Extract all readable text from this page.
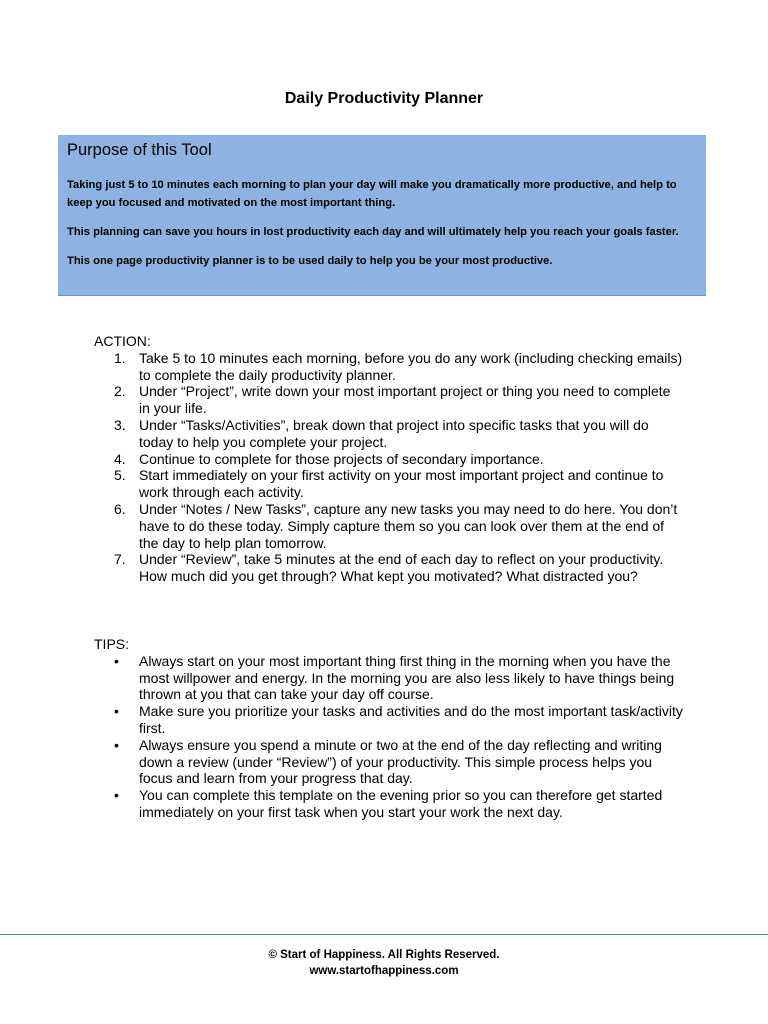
Daily Productivity Planner
Purpose of this Tool

Taking just 5 to 10 minutes each morning to plan your day will make you dramatically more productive, and help to keep you focused and motivated on the most important thing.

This planning can save you hours in lost productivity each day and will ultimately help you reach your goals faster.

This one page productivity planner is to be used daily to help you be your most productive.

ACTION:
1. Take 5 to 10 minutes each morning, before you do any work (including checking emails) to complete the daily productivity planner.
2. Under “Project”, write down your most important project or thing you need to complete in your life.
3. Under “Tasks/Activities”, break down that project into specific tasks that you will do today to help you complete your project.
4. Continue to complete for those projects of secondary importance.
5. Start immediately on your first activity on your most important project and continue to work through each activity.
6. Under “Notes / New Tasks”, capture any new tasks you may need to do here. You don’t have to do these today. Simply capture them so you can look over them at the end of the day to help plan tomorrow.
7. Under “Review”, take 5 minutes at the end of each day to reflect on your productivity. How much did you get through? What kept you motivated? What distracted you?
TIPS:
• Always start on your most important thing first thing in the morning when you have the most willpower and energy. In the morning you are also less likely to have things being thrown at you that can take your day off course.
• Make sure you prioritize your tasks and activities and do the most important task/activity first.
• Always ensure you spend a minute or two at the end of the day reflecting and writing down a review (under “Review”) of your productivity. This simple process helps you focus and learn from your progress that day.
• You can complete this template on the evening prior so you can therefore get started immediately on your first task when you start your work the next day.
© Start of Happiness. All Rights Reserved.
www.startofhappiness.com
